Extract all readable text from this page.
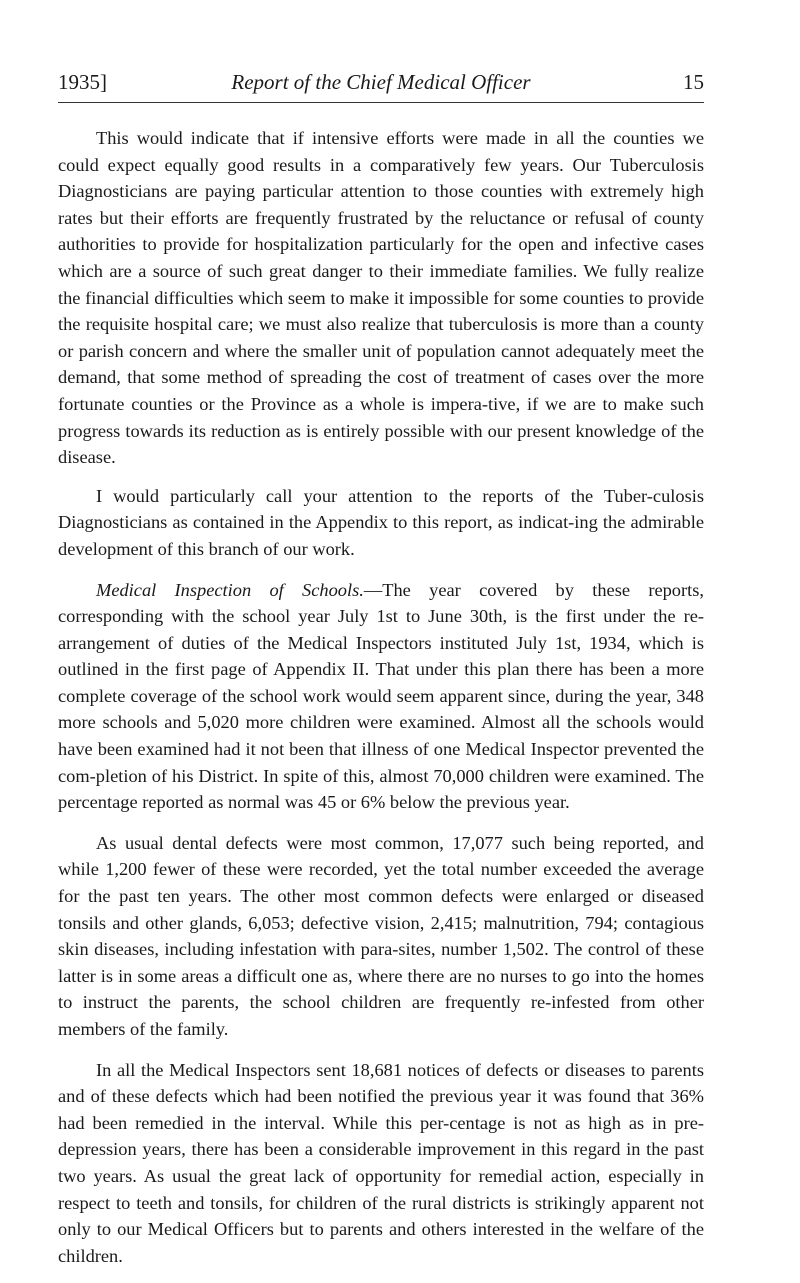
1935]	Report of the Chief Medical Officer	15

This would indicate that if intensive efforts were made in all the counties we could expect equally good results in a comparatively few years. Our Tuberculosis Diagnosticians are paying particular attention to those counties with extremely high rates but their efforts are frequently frustrated by the reluctance or refusal of county authorities to provide for hospitalization particularly for the open and infective cases which are a source of such great danger to their immediate families. We fully realize the financial difficulties which seem to make it impossible for some counties to provide the requisite hospital care; we must also realize that tuberculosis is more than a county or parish concern and where the smaller unit of population cannot adequately meet the demand, that some method of spreading the cost of treatment of cases over the more fortunate counties or the Province as a whole is impera-tive, if we are to make such progress towards its reduction as is entirely possible with our present knowledge of the disease.

I would particularly call your attention to the reports of the Tuber-culosis Diagnosticians as contained in the Appendix to this report, as indicat-ing the admirable development of this branch of our work.

Medical Inspection of Schools.—The year covered by these reports, corresponding with the school year July 1st to June 30th, is the first under the re-arrangement of duties of the Medical Inspectors instituted July 1st, 1934, which is outlined in the first page of Appendix II. That under this plan there has been a more complete coverage of the school work would seem apparent since, during the year, 348 more schools and 5,020 more children were examined. Almost all the schools would have been examined had it not been that illness of one Medical Inspector prevented the com-pletion of his District. In spite of this, almost 70,000 children were examined. The percentage reported as normal was 45 or 6% below the previous year.

As usual dental defects were most common, 17,077 such being reported, and while 1,200 fewer of these were recorded, yet the total number exceeded the average for the past ten years. The other most common defects were enlarged or diseased tonsils and other glands, 6,053; defective vision, 2,415; malnutrition, 794; contagious skin diseases, including infestation with para-sites, number 1,502. The control of these latter is in some areas a difficult one as, where there are no nurses to go into the homes to instruct the parents, the school children are frequently re-infested from other members of the family.

In all the Medical Inspectors sent 18,681 notices of defects or diseases to parents and of these defects which had been notified the previous year it was found that 36% had been remedied in the interval. While this per-centage is not as high as in pre-depression years, there has been a considerable improvement in this regard in the past two years. As usual the great lack of opportunity for remedial action, especially in respect to teeth and tonsils, for children of the rural districts is strikingly apparent not only to our Medical Officers but to parents and others interested in the welfare of the children.
